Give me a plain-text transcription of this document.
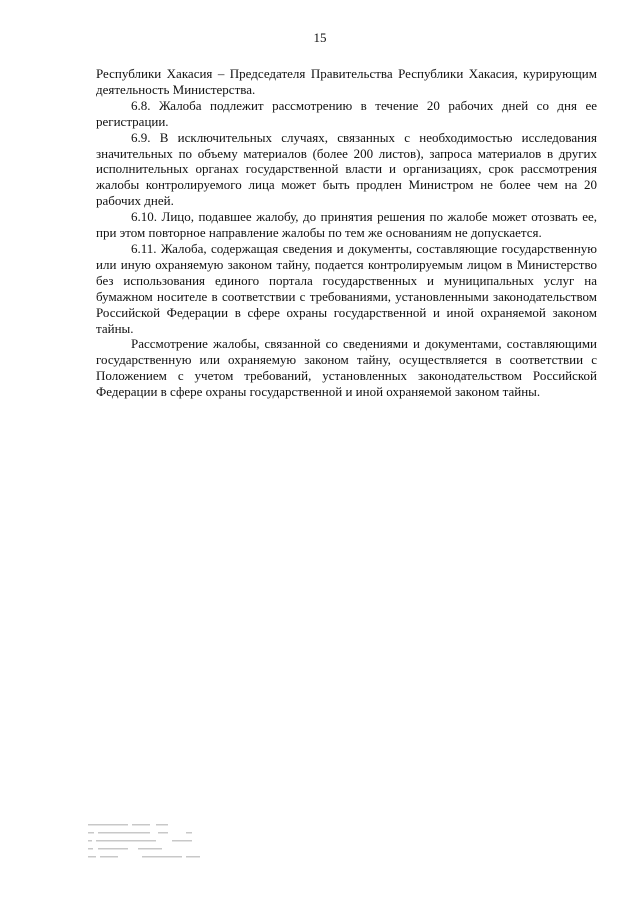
15

Республики Хакасия – Председателя Правительства Республики Хакасия, курирующим деятельность Министерства.

6.8. Жалоба подлежит рассмотрению в течение 20 рабочих дней со дня ее регистрации.

6.9. В исключительных случаях, связанных с необходимостью исследования значительных по объему материалов (более 200 листов), запроса материалов в других исполнительных органах государственной власти и организациях, срок рассмотрения жалобы контролируемого лица может быть продлен Министром не более чем на 20 рабочих дней.

6.10. Лицо, подавшее жалобу, до принятия решения по жалобе может отозвать ее, при этом повторное направление жалобы по тем же основаниям не допускается.

6.11. Жалоба, содержащая сведения и документы, составляющие государственную или иную охраняемую законом тайну, подается контролируемым лицом в Министерство без использования единого портала государственных и муниципальных услуг на бумажном носителе в соответствии с требованиями, установленными законодательством Российской Федерации в сфере охраны государственной и иной охраняемой законом тайны.

Рассмотрение жалобы, связанной со сведениями и документами, составляющими государственную или охраняемую законом тайну, осуществляется в соответствии с Положением с учетом требований, установленных законодательством Российской Федерации в сфере охраны государственной и иной охраняемой законом тайны.
